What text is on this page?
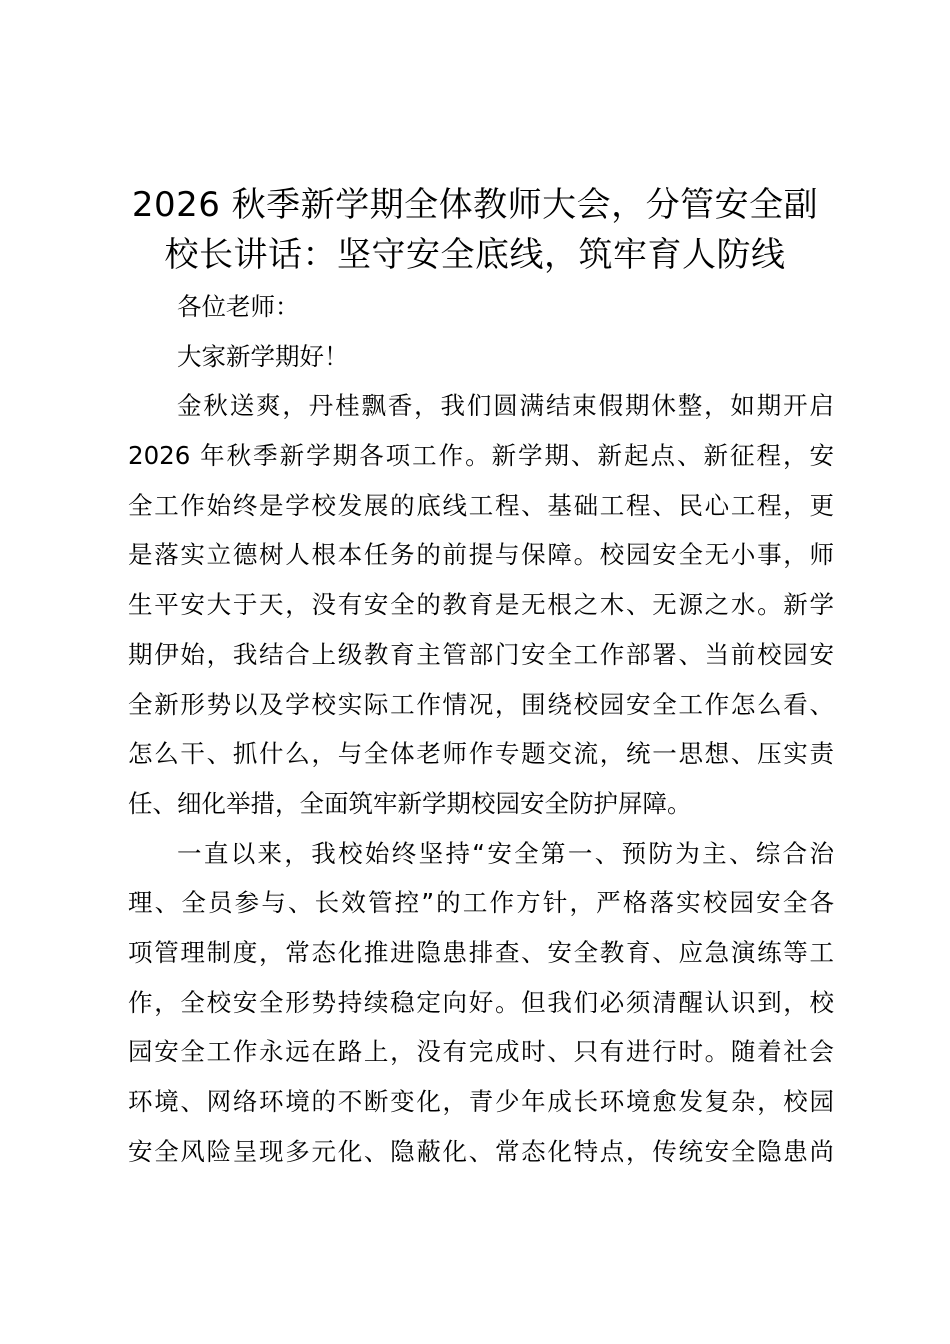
2026 秋季新学期全体教师大会，分管安全副
校长讲话：坚守安全底线，筑牢育人防线
各位老师：
大家新学期好！
金秋送爽，丹桂飘香，我们圆满结束假期休整，如期开启
2026 年秋季新学期各项工作。新学期、新起点、新征程，安
全工作始终是学校发展的底线工程、基础工程、民心工程，更
是落实立德树人根本任务的前提与保障。校园安全无小事，师
生平安大于天，没有安全的教育是无根之木、无源之水。新学
期伊始，我结合上级教育主管部门安全工作部署、当前校园安
全新形势以及学校实际工作情况，围绕校园安全工作怎么看、
怎么干、抓什么，与全体老师作专题交流，统一思想、压实责
任、细化举措，全面筑牢新学期校园安全防护屏障。
一直以来，我校始终坚持“安全第一、预防为主、综合治
理、全员参与、长效管控”的工作方针，严格落实校园安全各
项管理制度，常态化推进隐患排查、安全教育、应急演练等工
作，全校安全形势持续稳定向好。但我们必须清醒认识到，校
园安全工作永远在路上，没有完成时、只有进行时。随着社会
环境、网络环境的不断变化，青少年成长环境愈发复杂，校园
安全风险呈现多元化、隐蔽化、常态化特点，传统安全隐患尚
